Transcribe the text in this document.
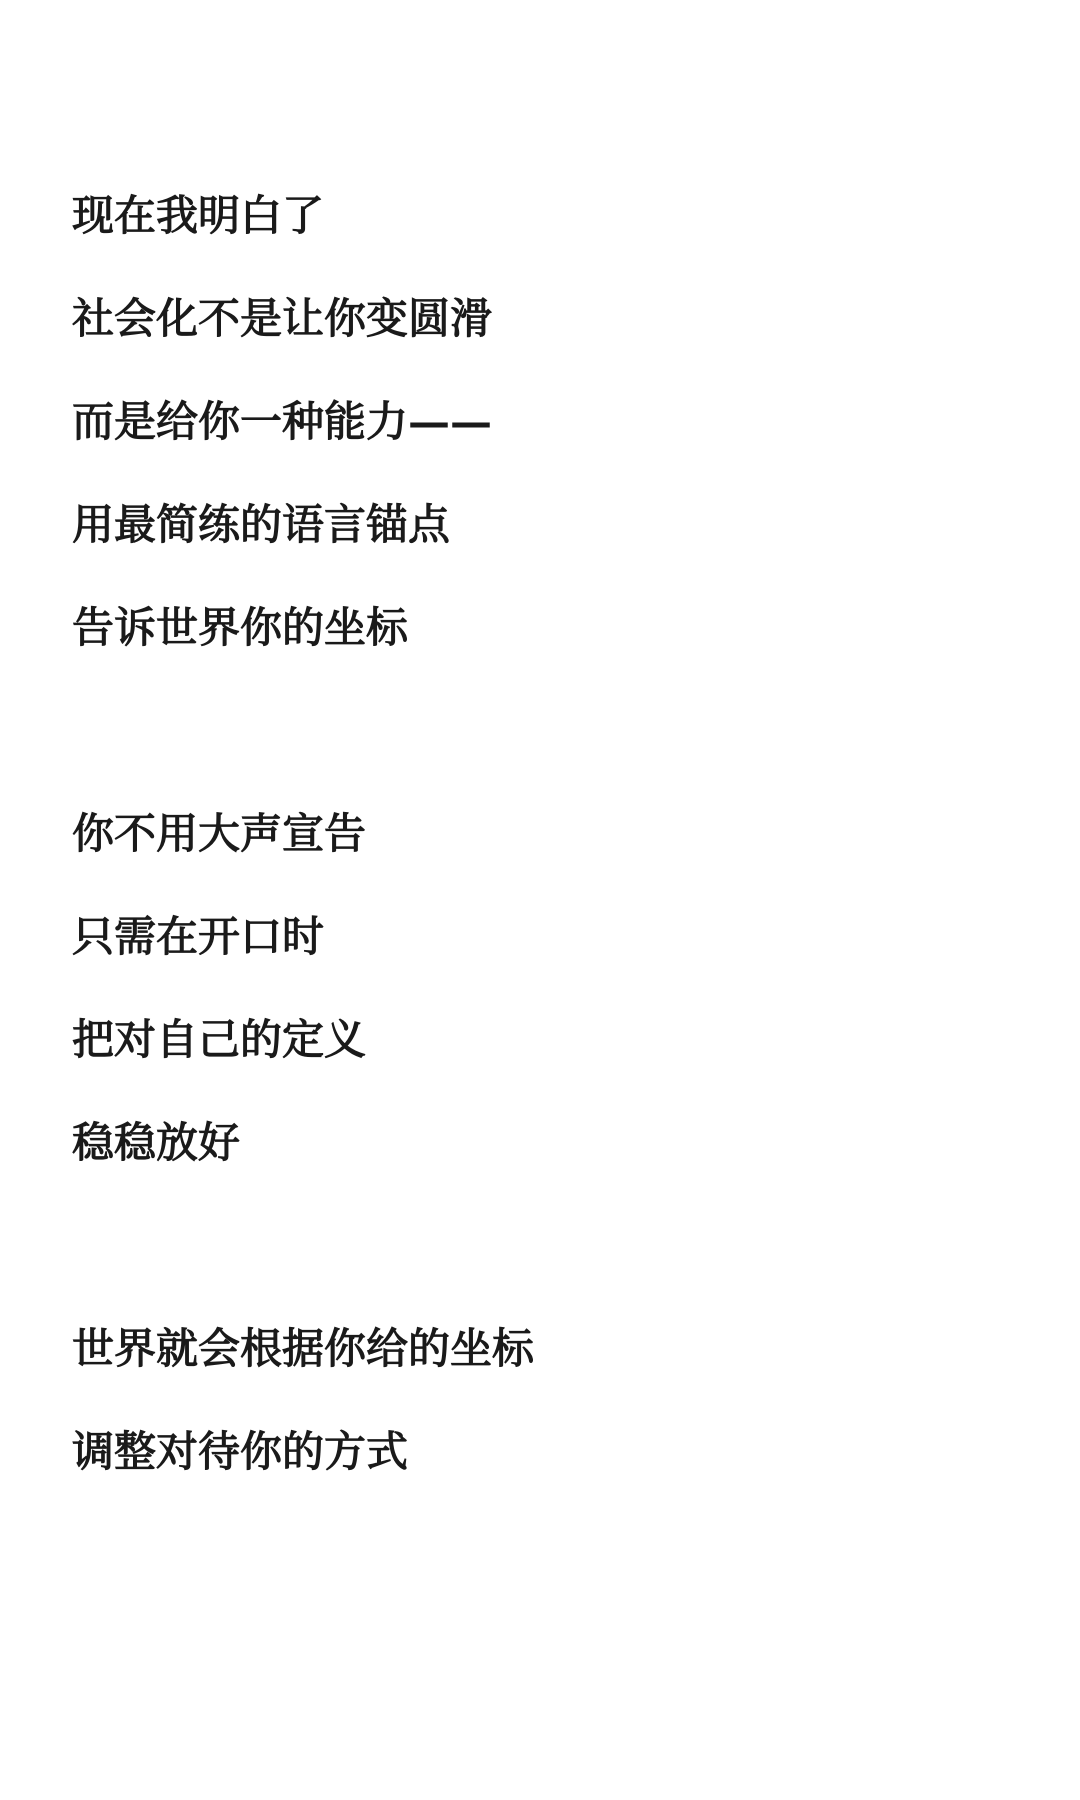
现在我明白了

社会化不是让你变圆滑

而是给你一种能力——

用最简练的语言锚点

告诉世界你的坐标

你不用大声宣告

只需在开口时

把对自己的定义

稳稳放好

世界就会根据你给的坐标

调整对待你的方式
